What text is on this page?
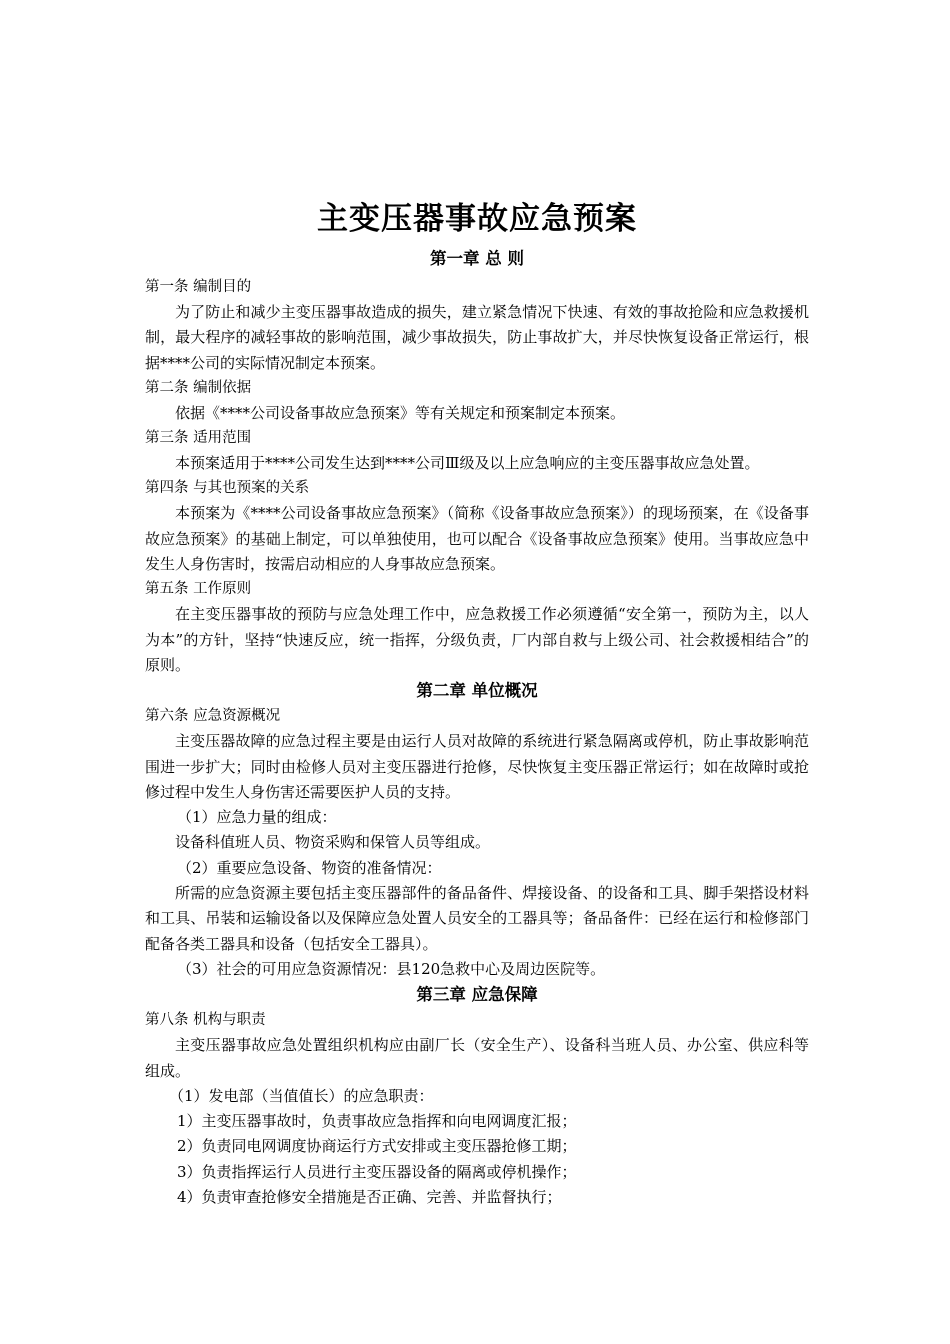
主变压器事故应急预案
第一章 总 则
第一条 编制目的

为了防止和减少主变压器事故造成的损失，建立紧急情况下快速、有效的事故抢险和应急救援机制，最大程序的减轻事故的影响范围，减少事故损失，防止事故扩大，并尽快恢复设备正常运行，根据****公司的实际情况制定本预案。

第二条 编制依据

依据《****公司设备事故应急预案》等有关规定和预案制定本预案。

第三条 适用范围

本预案适用于****公司发生达到****公司Ⅲ级及以上应急响应的主变压器事故应急处置。

第四条 与其也预案的关系

本预案为《****公司设备事故应急预案》（简称《设备事故应急预案》）的现场预案，在《设备事故应急预案》的基础上制定，可以单独使用，也可以配合《设备事故应急预案》使用。当事故应急中发生人身伤害时，按需启动相应的人身事故应急预案。

第五条 工作原则

在主变压器事故的预防与应急处理工作中，应急救援工作必须遵循“安全第一，预防为主，以人为本”的方针，坚持“快速反应，统一指挥，分级负责，厂内部自救与上级公司、社会救援相结合”的原则。

第二章 单位概况
第六条 应急资源概况

主变压器故障的应急过程主要是由运行人员对故障的系统进行紧急隔离或停机，防止事故影响范围进一步扩大；同时由检修人员对主变压器进行抢修，尽快恢复主变压器正常运行；如在故障时或抢修过程中发生人身伤害还需要医护人员的支持。

（1）应急力量的组成：

设备科值班人员、物资采购和保管人员等组成。

（2）重要应急设备、物资的准备情况：

所需的应急资源主要包括主变压器部件的备品备件、焊接设备、的设备和工具、脚手架搭设材料和工具、吊装和运输设备以及保障应急处置人员安全的工器具等；备品备件：已经在运行和检修部门配备各类工器具和设备（包括安全工器具）。

（3）社会的可用应急资源情况：县120急救中心及周边医院等。

第三章 应急保障
第八条 机构与职责

主变压器事故应急处置组织机构应由副厂长（安全生产）、设备科当班人员、办公室、供应科等组成。

（1）发电部（当值值长）的应急职责：

1）主变压器事故时，负责事故应急指挥和向电网调度汇报；

2）负责同电网调度协商运行方式安排或主变压器抢修工期；

3）负责指挥运行人员进行主变压器设备的隔离或停机操作；

4）负责审查抢修安全措施是否正确、完善、并监督执行；
